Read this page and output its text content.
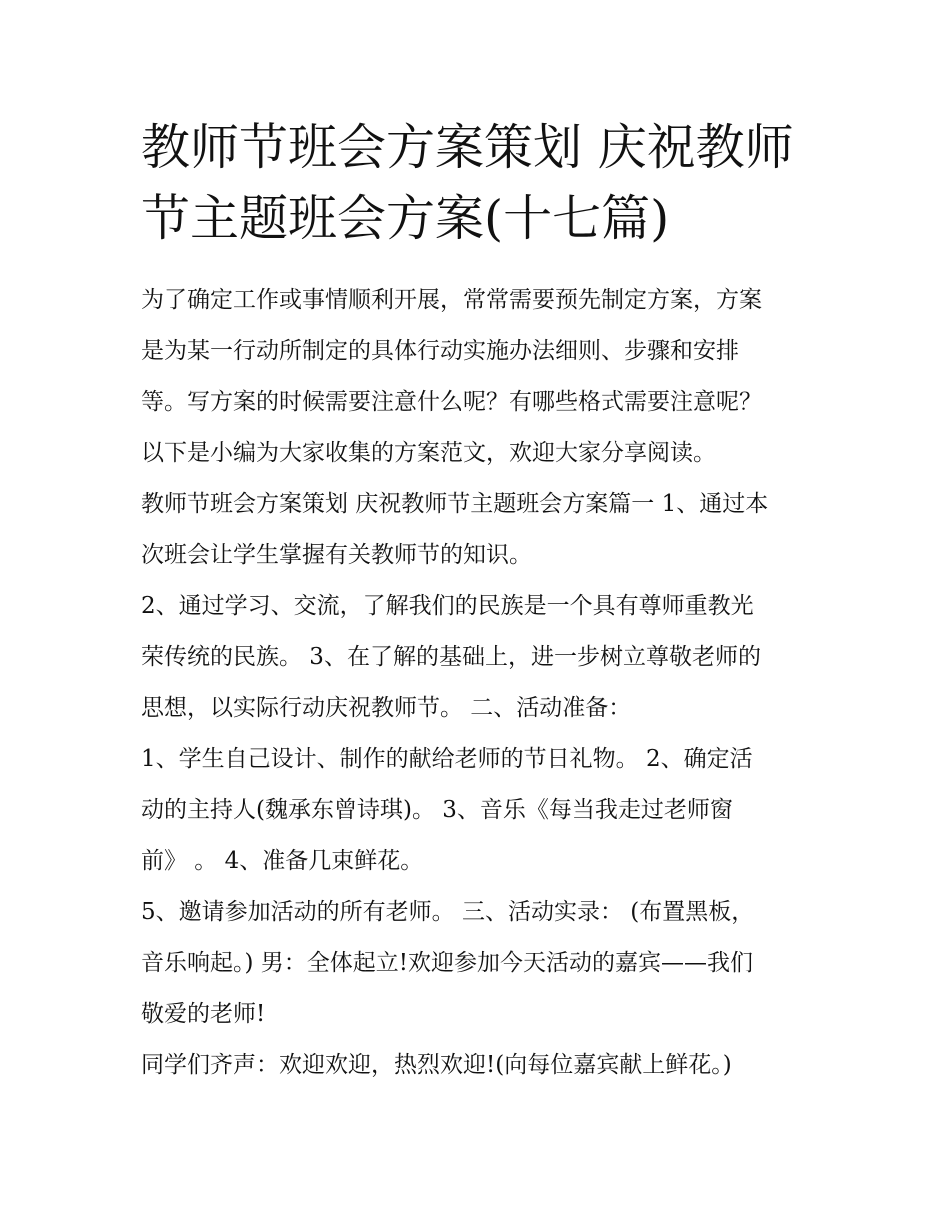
教师节班会方案策划 庆祝教师
节主题班会方案(十七篇)

为了确定工作或事情顺利开展，常常需要预先制定方案，方案
是为某一行动所制定的具体行动实施办法细则、步骤和安排
等。写方案的时候需要注意什么呢？有哪些格式需要注意呢？
以下是小编为大家收集的方案范文，欢迎大家分享阅读。

教师节班会方案策划 庆祝教师节主题班会方案篇一 1、通过本
次班会让学生掌握有关教师节的知识。

2、通过学习、交流，了解我们的民族是一个具有尊师重教光
荣传统的民族。 3、在了解的基础上，进一步树立尊敬老师的
思想，以实际行动庆祝教师节。 二、活动准备：

1、学生自己设计、制作的献给老师的节日礼物。 2、确定活
动的主持人(魏承东曾诗琪)。 3、音乐《每当我走过老师窗
前》 。 4、准备几束鲜花。

5、邀请参加活动的所有老师。 三、活动实录： (布置黑板，
音乐响起。) 男：全体起立!欢迎参加今天活动的嘉宾——我们
敬爱的老师!

同学们齐声：欢迎欢迎，热烈欢迎!(向每位嘉宾献上鲜花。)
